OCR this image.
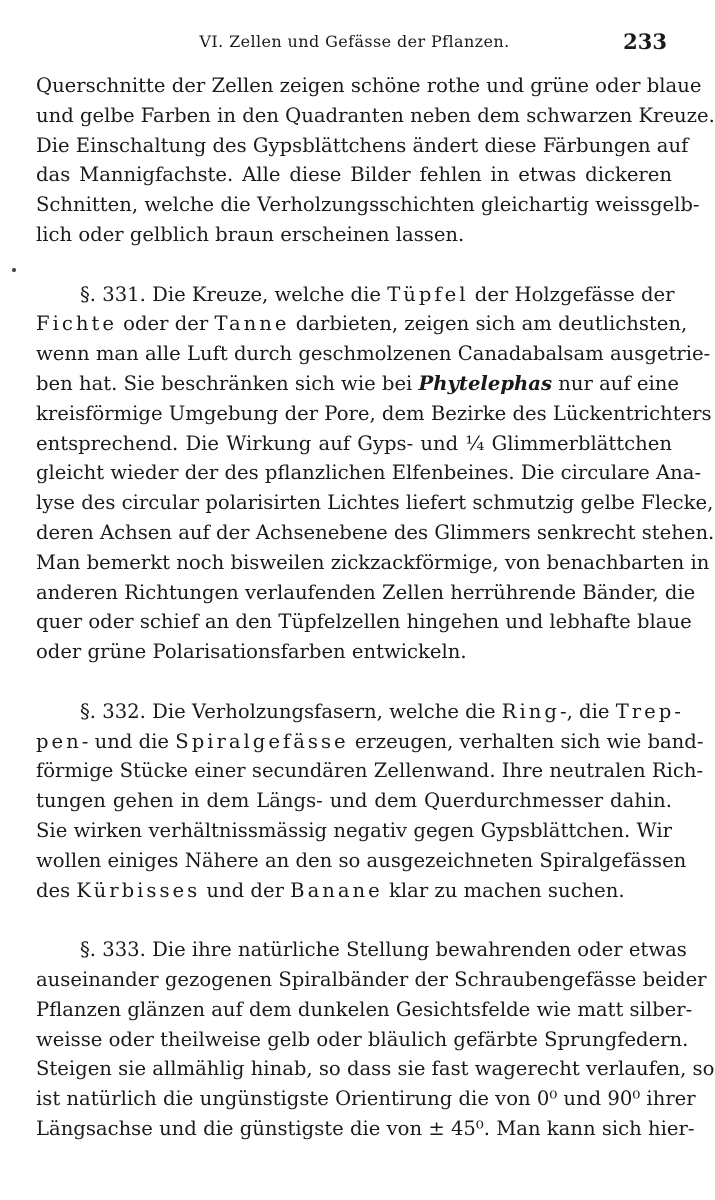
VI. Zellen und Gefässe der Pflanzen.	233
Querschnitte der Zellen zeigen schöne rothe und grüne oder blaue
und gelbe Farben in den Quadranten neben dem schwarzen Kreuze.
Die Einschaltung des Gypsblättchens ändert diese Färbungen auf
das Mannigfachste. Alle diese Bilder fehlen in etwas dickeren
Schnitten, welche die Verholzungsschichten gleichartig weissgelb-
lich oder gelblich braun erscheinen lassen.
§. 331. Die Kreuze, welche die Tüpfel der Holzgefässe der
Fichte oder der Tanne darbieten, zeigen sich am deutlichsten,
wenn man alle Luft durch geschmolzenen Canadabalsam ausgetrie-
ben hat. Sie beschränken sich wie bei Phytelephas nur auf eine
kreisförmige Umgebung der Pore, dem Bezirke des Lückentrichters
entsprechend. Die Wirkung auf Gyps- und ¼ Glimmerblättchen
gleicht wieder der des pflanzlichen Elfenbeines. Die circulare Ana-
lyse des circular polarisirten Lichtes liefert schmutzig gelbe Flecke,
deren Achsen auf der Achsenebene des Glimmers senkrecht stehen.
Man bemerkt noch bisweilen zickzackförmige, von benachbarten in
anderen Richtungen verlaufenden Zellen herrührende Bänder, die
quer oder schief an den Tüpfelzellen hingehen und lebhafte blaue
oder grüne Polarisationsfarben entwickeln.
§. 332. Die Verholzungsfasern, welche die Ring-, die Trep-
pen- und die Spiralgefässe erzeugen, verhalten sich wie band-
förmige Stücke einer secundären Zellenwand. Ihre neutralen Rich-
tungen gehen in dem Längs- und dem Querdurchmesser dahin.
Sie wirken verhältnissmässig negativ gegen Gypsblättchen. Wir
wollen einiges Nähere an den so ausgezeichneten Spiralgefässen
des Kürbisses und der Banane klar zu machen suchen.
§. 333. Die ihre natürliche Stellung bewahrenden oder etwas
auseinander gezogenen Spiralbänder der Schraubengefässe beider
Pflanzen glänzen auf dem dunkelen Gesichtsfelde wie matt silber-
weisse oder theilweise gelb oder bläulich gefärbte Sprungfedern.
Steigen sie allmählig hinab, so dass sie fast wagerecht verlaufen, so
ist natürlich die ungünstigste Orientirung die von 0⁰ und 90⁰ ihrer
Längsachse und die günstigste die von ± 45⁰. Man kann sich hier-
